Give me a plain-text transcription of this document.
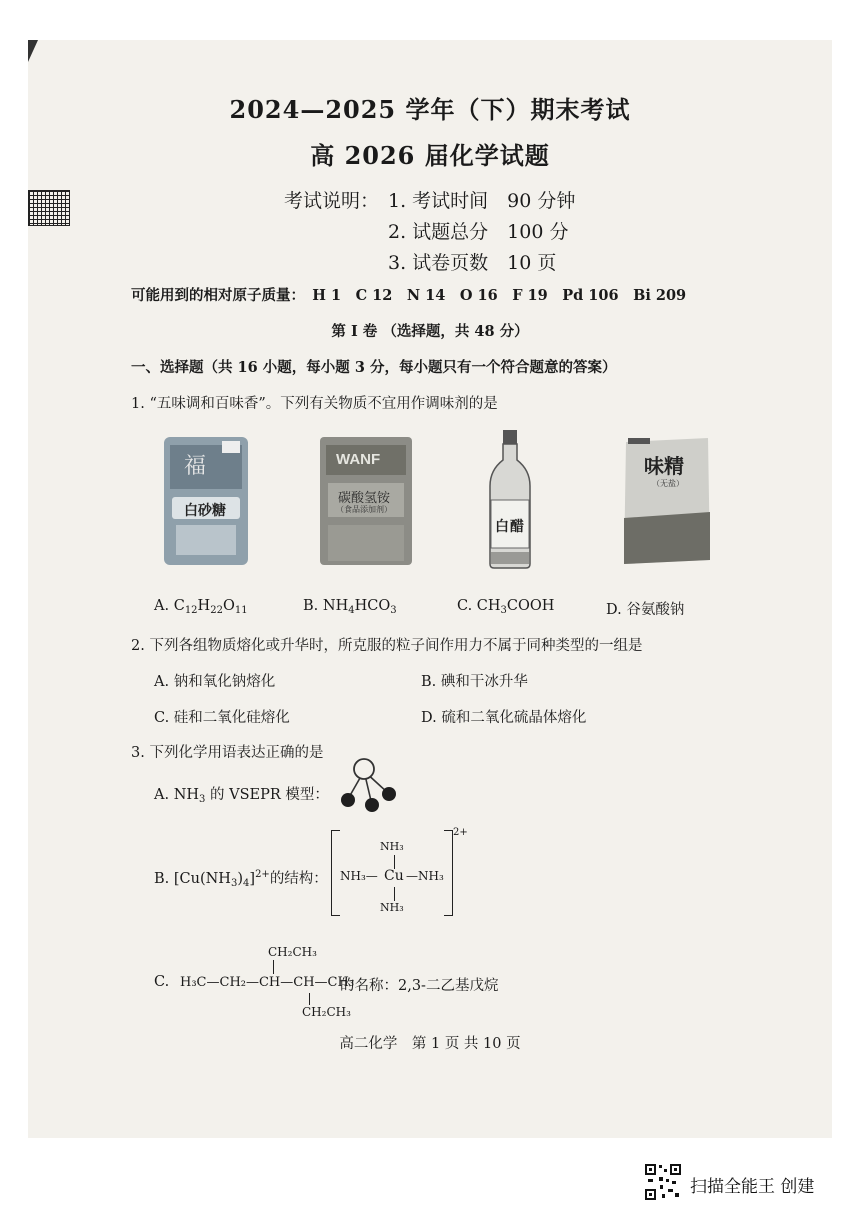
2024—2025 学年（下）期末考试
高 2026 届化学试题
考试说明： 1. 考试时间　90 分钟
2. 试题总分　100 分
3. 试卷页数　10 页
可能用到的相对原子质量：　H 1　C 12　N 14　O 16　F 19　Pd 106　Bi 209
第 I 卷 （选择题，共 48 分）
一、选择题（共 16 小题，每小题 3 分，每小题只有一个符合题意的答案）
1. “五味调和百味香”。下列有关物质不宜用作调味剂的是
福
白砂糖
WANF
碳酸氢铵
（食品添加剂）
白醋
味精
（无盐）
A. $C_{12}H_{22}O_{11}$	B. $NH_4HCO_3$	C. $CH_3COOH$	D. 谷氨酸钠
2. 下列各组物质熔化或升华时，所克服的粒子间作用力不属于同种类型的一组是
A. 钠和氧化钠熔化	B. 碘和干冰升华
C. 硅和二氧化硅熔化	D. 硫和二氧化硫晶体熔化
3. 下列化学用语表达正确的是
A. $NH_3$ 的 VSEPR 模型：
B. $[Cu(NH_3)_4]^{2+}$的结构：
2+
NH₃
NH₃— Cu —NH₃
NH₃
CH₂CH₃
C. H₃C—CH₂—CH—CH—CH₃
的名称：2,3-二乙基戊烷
CH₂CH₃
高二化学　第 1 页 共 10 页
扫描全能王 创建
